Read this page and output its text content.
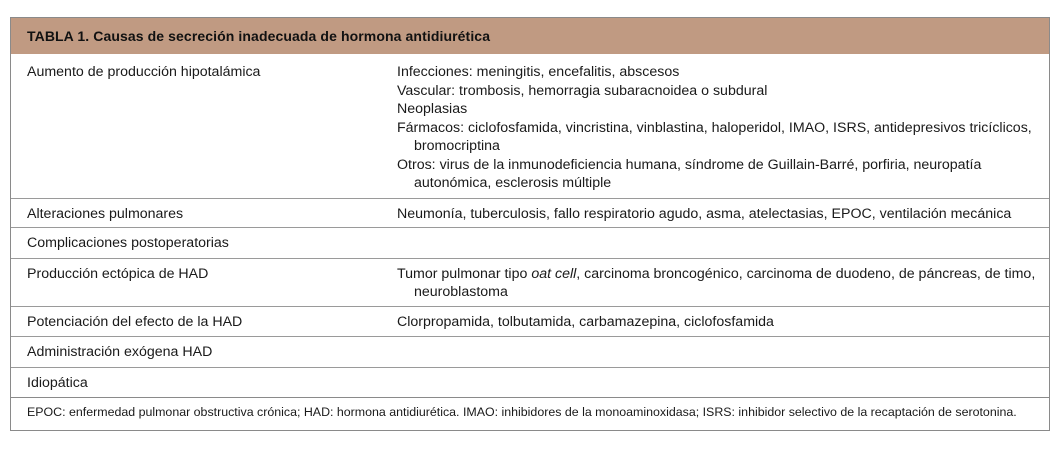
TABLA 1. Causas de secreción inadecuada de hormona antidiurética
Aumento de producción hipotalámica	Infecciones: meningitis, encefalitis, abscesos
Vascular: trombosis, hemorragia subaracnoidea o subdural
Neoplasias
Fármacos: ciclofosfamida, vincristina, vinblastina, haloperidol, IMAO, ISRS, antidepresivos tricíclicos, bromocriptina
Otros: virus de la inmunodeficiencia humana, síndrome de Guillain-Barré, porfiria, neuropatía autonómica, esclerosis múltiple

Alteraciones pulmonares	Neumonía, tuberculosis, fallo respiratorio agudo, asma, atelectasias, EPOC, ventilación mecánica

Complicaciones postoperatorias	
Producción ectópica de HAD	Tumor pulmonar tipo oat cell, carcinoma broncogénico, carcinoma de duodeno, de páncreas, de timo, neuroblastoma

Potenciación del efecto de la HAD	Clorpropamida, tolbutamida, carbamazepina, ciclofosfamida

Administración exógena HAD	
Idiopática	
EPOC: enfermedad pulmonar obstructiva crónica; HAD: hormona antidiurética. IMAO: inhibidores de la monoaminoxidasa; ISRS: inhibidor selectivo de la recaptación de serotonina.
